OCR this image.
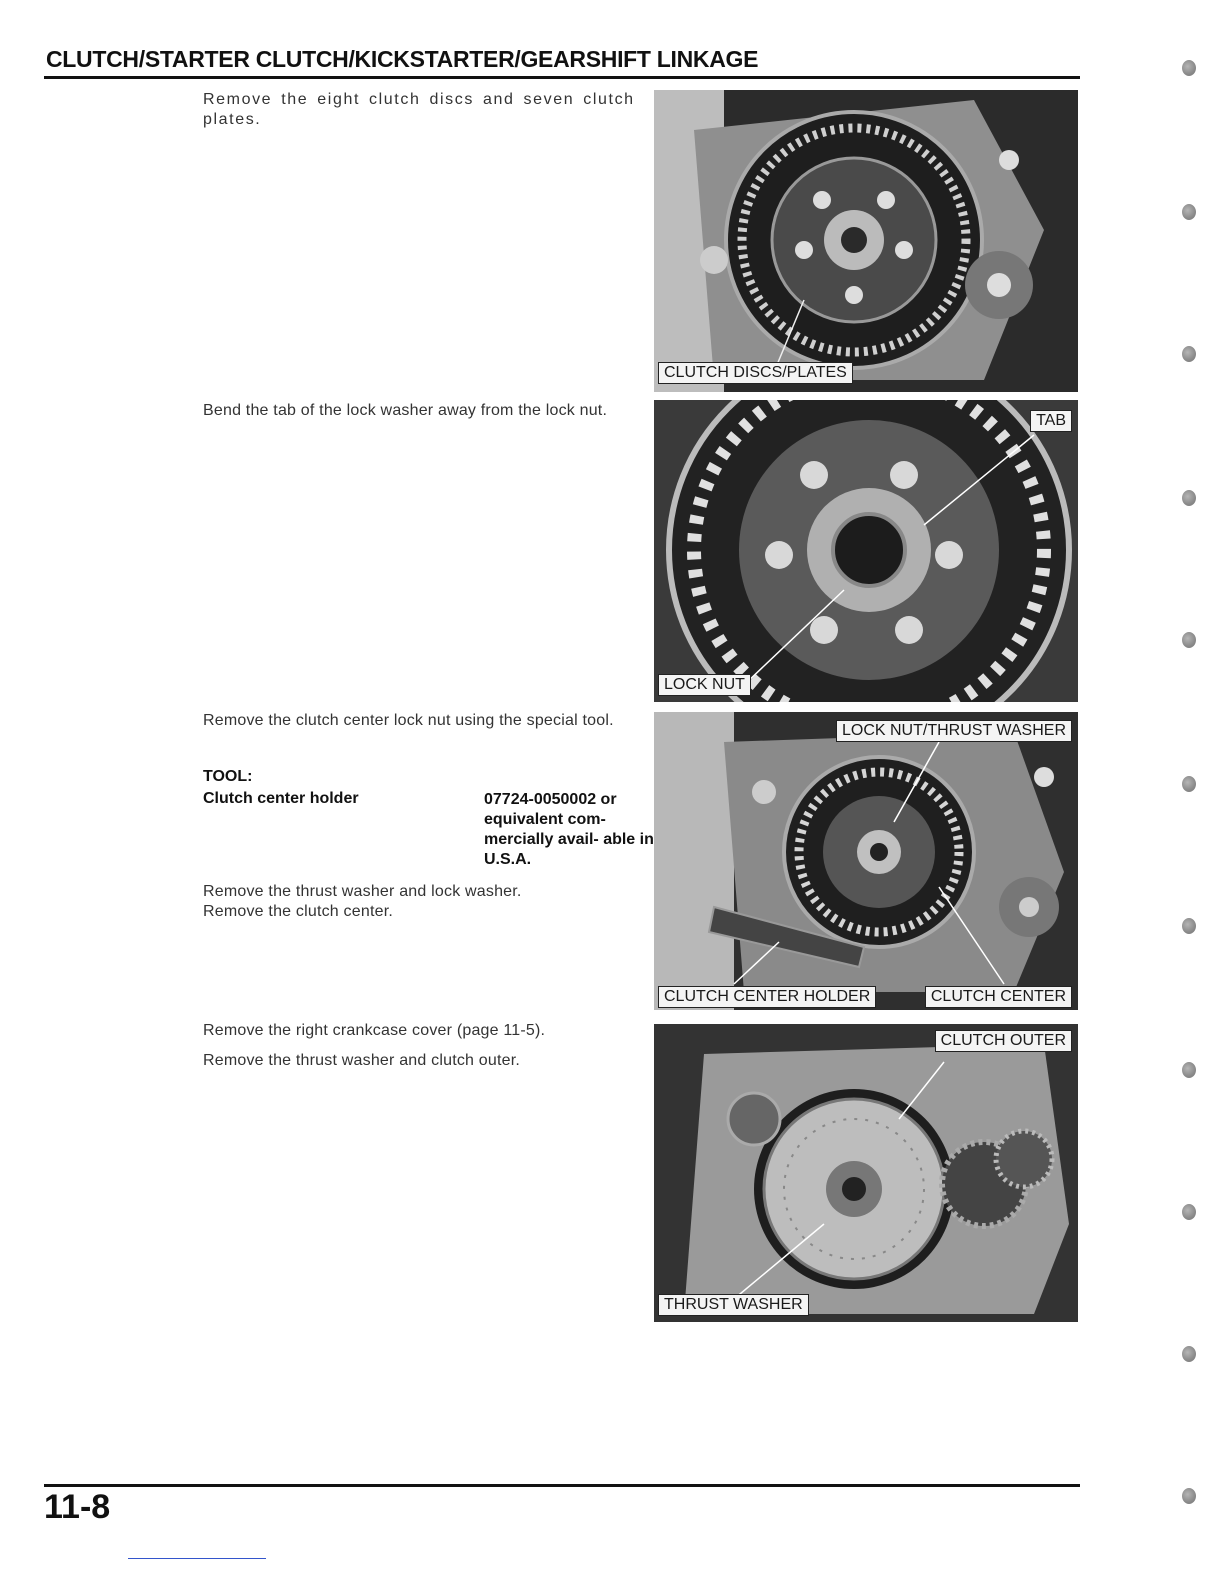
CLUTCH/STARTER CLUTCH/KICKSTARTER/GEARSHIFT LINKAGE

Remove the eight clutch discs and seven clutch plates.

Bend the tab of the lock washer away from the lock nut.

Remove the clutch center lock nut using the special tool.

TOOL:
Clutch center holder	07724-0050002 or equivalent com- mercially avail- able in U.S.A.

Remove the thrust washer and lock washer.

Remove the clutch center.

Remove the right crankcase cover (page 11-5).

Remove the thrust washer and clutch outer.

CLUTCH DISCS/PLATES
TAB
LOCK NUT
LOCK NUT/THRUST WASHER
CLUTCH CENTER HOLDER	CLUTCH CENTER
CLUTCH OUTER
THRUST WASHER
11-8
